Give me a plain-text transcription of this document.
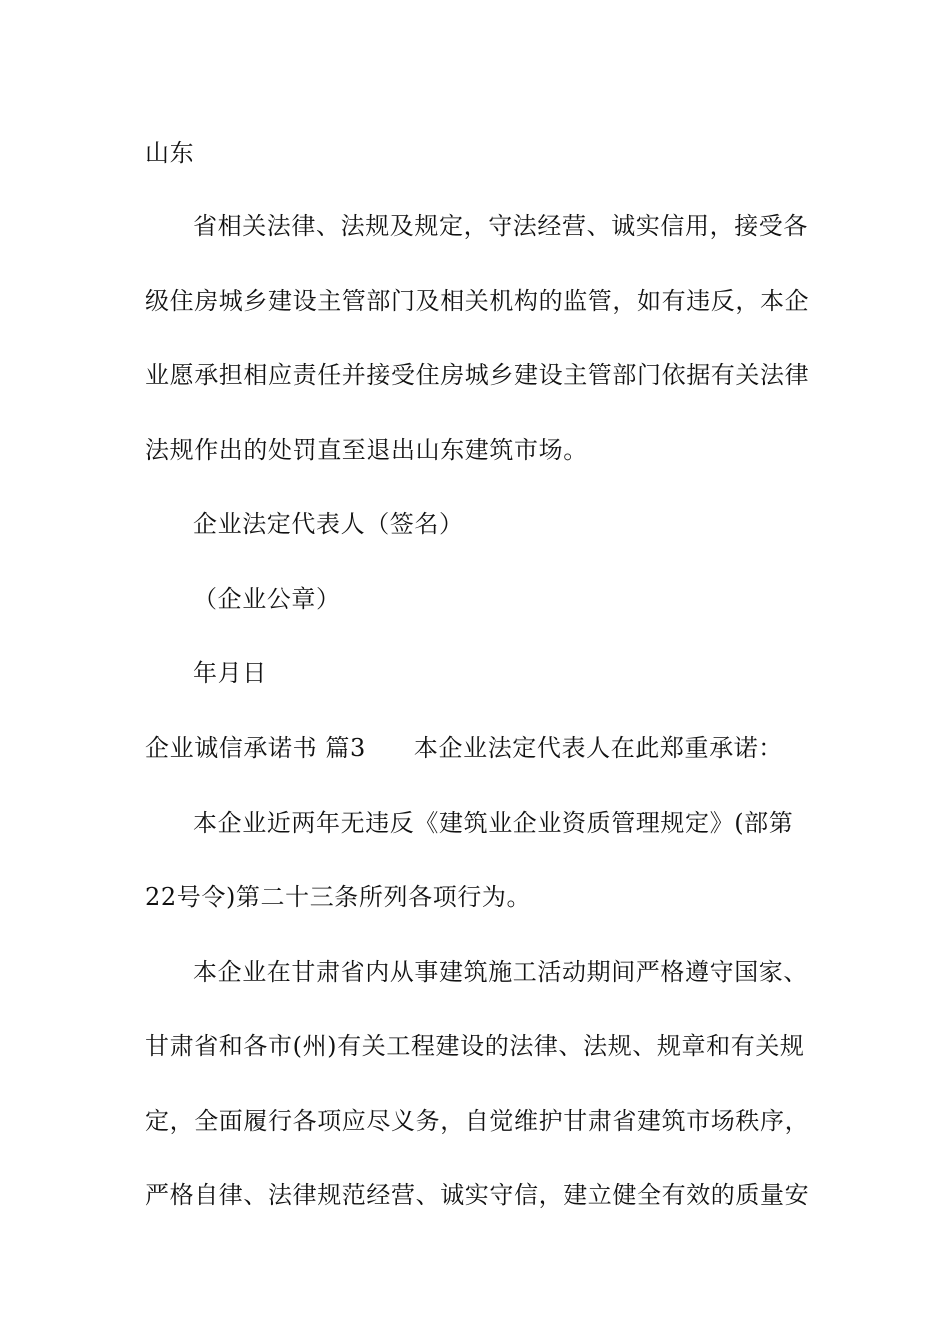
山东
省相关法律、法规及规定，守法经营、诚实信用，接受各
级住房城乡建设主管部门及相关机构的监管，如有违反，本企
业愿承担相应责任并接受住房城乡建设主管部门依据有关法律
法规作出的处罚直至退出山东建筑市场。
企业法定代表人（签名）
（企业公章）
年月日
企业诚信承诺书 篇3 本企业法定代表人在此郑重承诺：
本企业近两年无违反《建筑业企业资质管理规定》(部第
22号令)第二十三条所列各项行为。
本企业在甘肃省内从事建筑施工活动期间严格遵守国家、
甘肃省和各市(州)有关工程建设的法律、法规、规章和有关规
定，全面履行各项应尽义务，自觉维护甘肃省建筑市场秩序，
严格自律、法律规范经营、诚实守信，建立健全有效的质量安
